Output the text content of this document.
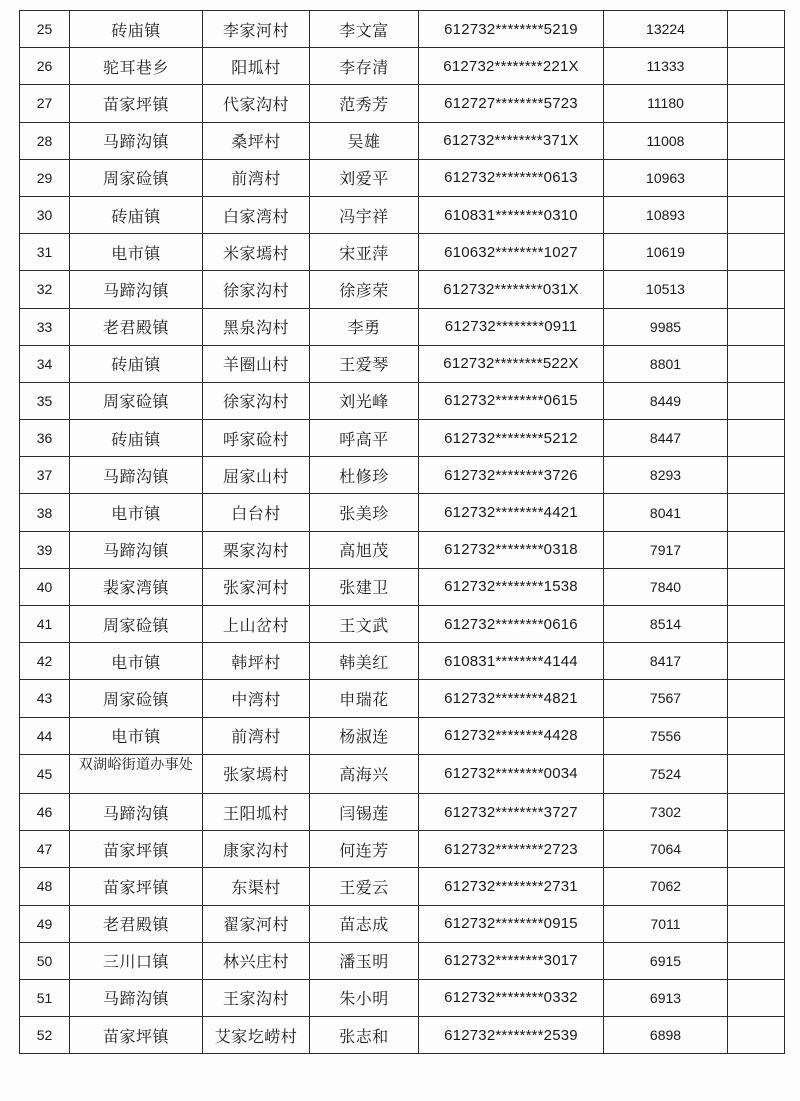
25	砖庙镇	李家河村	李文富	612732********5219	13224	
26	驼耳巷乡	阳坬村	李存清	612732********221X	11333	
27	苗家坪镇	代家沟村	范秀芳	612727********5723	11180	
28	马蹄沟镇	桑坪村	吴雄	612732********371X	11008	
29	周家硷镇	前湾村	刘爱平	612732********0613	10963	
30	砖庙镇	白家湾村	冯宇祥	610831********0310	10893	
31	电市镇	米家墕村	宋亚萍	610632********1027	10619	
32	马蹄沟镇	徐家沟村	徐彦荣	612732********031X	10513	
33	老君殿镇	黑泉沟村	李勇	612732********0911	9985	
34	砖庙镇	羊圈山村	王爱琴	612732********522X	8801	
35	周家硷镇	徐家沟村	刘光峰	612732********0615	8449	
36	砖庙镇	呼家硷村	呼高平	612732********5212	8447	
37	马蹄沟镇	屈家山村	杜修珍	612732********3726	8293	
38	电市镇	白台村	张美珍	612732********4421	8041	
39	马蹄沟镇	栗家沟村	高旭茂	612732********0318	7917	
40	裴家湾镇	张家河村	张建卫	612732********1538	7840	
41	周家硷镇	上山岔村	王文武	612732********0616	8514	
42	电市镇	韩坪村	韩美红	610831********4144	8417	
43	周家硷镇	中湾村	申瑞花	612732********4821	7567	
44	电市镇	前湾村	杨淑连	612732********4428	7556	
45	双湖峪街道办事处	张家墕村	高海兴	612732********0034	7524	
46	马蹄沟镇	王阳坬村	闫锡莲	612732********3727	7302	
47	苗家坪镇	康家沟村	何连芳	612732********2723	7064	
48	苗家坪镇	东渠村	王爱云	612732********2731	7062	
49	老君殿镇	翟家河村	苗志成	612732********0915	7011	
50	三川口镇	林兴庄村	潘玉明	612732********3017	6915	
51	马蹄沟镇	王家沟村	朱小明	612732********0332	6913	
52	苗家坪镇	艾家圪崂村	张志和	612732********2539	6898	
